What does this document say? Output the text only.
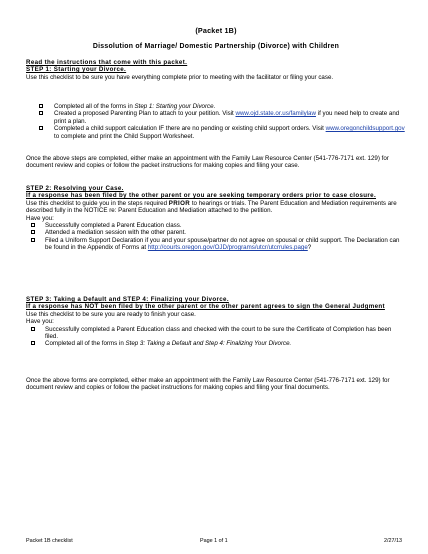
(Packet 1B)
Dissolution of Marriage/ Domestic Partnership (Divorce) with Children

Read the instructions that come with this packet.

STEP 1: Starting your Divorce.

Use this checklist to be sure you have everything complete prior to meeting with the facilitator or filing your case.

Completed all of the forms in Step 1: Starting your Divorce.
Created a proposed Parenting Plan to attach to your petition. Visit www.ojd.state.or.us/familylaw if you need help to create and print a plan.
Completed a child support calculation IF there are no pending or existing child support orders. Visit www.oregonchildsupport.gov to complete and print the Child Support Worksheet.

Once the above steps are completed, either make an appointment with the Family Law Resource Center (541-776-7171 ext. 129) for document review and copies or follow the packet instructions for making copies and filing your case.

STEP 2: Resolving your Case.

If a response has been filed by the other parent or you are seeking temporary orders prior to case closure.

Use this checklist to guide you in the steps required PRIOR to hearings or trials. The Parent Education and Mediation requirements are described fully in the NOTICE re: Parent Education and Mediation attached to the petition.

Have you:

Successfully completed a Parent Education class.
Attended a mediation session with the other parent.
Filed a Uniform Support Declaration if you and your spouse/partner do not agree on spousal or child support. The Declaration can be found in the Appendix of Forms at http://courts.oregon.gov/OJD/programs/utcr/utcrrules.page?

STEP 3: Taking a Default and STEP 4: Finalizing your Divorce.

If a response has NOT been filed by the other parent or the other parent agrees to sign the General Judgment

Use this checklist to be sure you are ready to finish your case.

Have you:

Successfully completed a Parent Education class and checked with the court to be sure the Certificate of Completion has been filed.
Completed all of the forms in Step 3: Taking a Default and Step 4: Finalizing Your Divorce.

Once the above forms are completed, either make an appointment with the Family Law Resource Center (541-776-7171 ext. 129) for document review and copies or follow the packet instructions for making copies and filing your final documents.

Packet 1B checklist	Page 1 of 1	2/27/13
